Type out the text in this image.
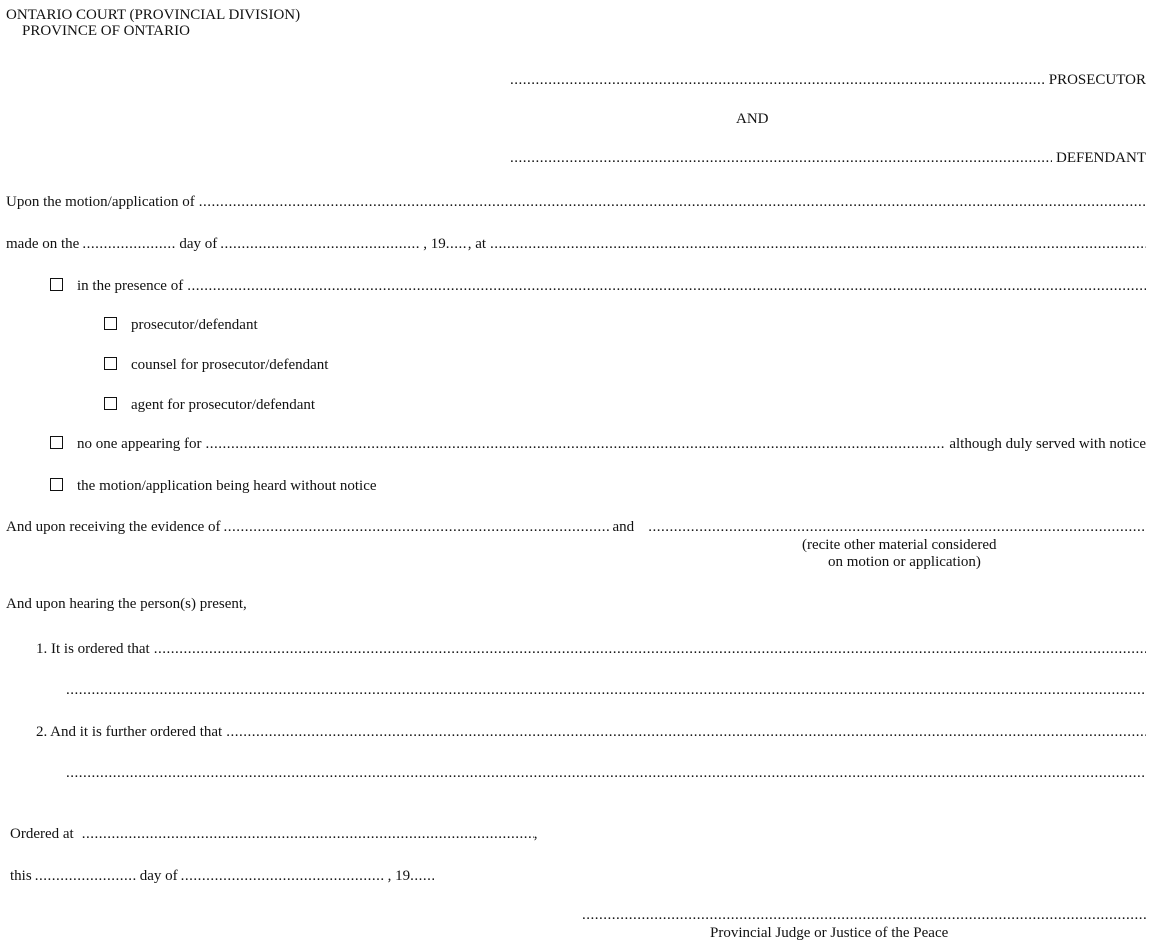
ONTARIO COURT (PROVINCIAL DIVISION)
PROVINCE OF ONTARIO
.....
PROSECUTOR
AND
.....
DEFENDANT
Upon the motion/application of
.....
made on the .....	day of .....	, 19 ..... , at
.....
in the presence of
.....
prosecutor/defendant
counsel for prosecutor/defendant
agent for prosecutor/defendant
no one appearing for .....	although duly served with notice
the motion/application being heard without notice
And upon receiving the evidence of .....	and
.....
(recite other material considered
on motion or application)
And upon hearing the person(s) present,
1. It is ordered that
.....
.....
2. And it is further ordered that
.....
.....
Ordered at .....	,
this .....	day of .....	, 19
.....
.....
Provincial Judge or Justice of the Peace
